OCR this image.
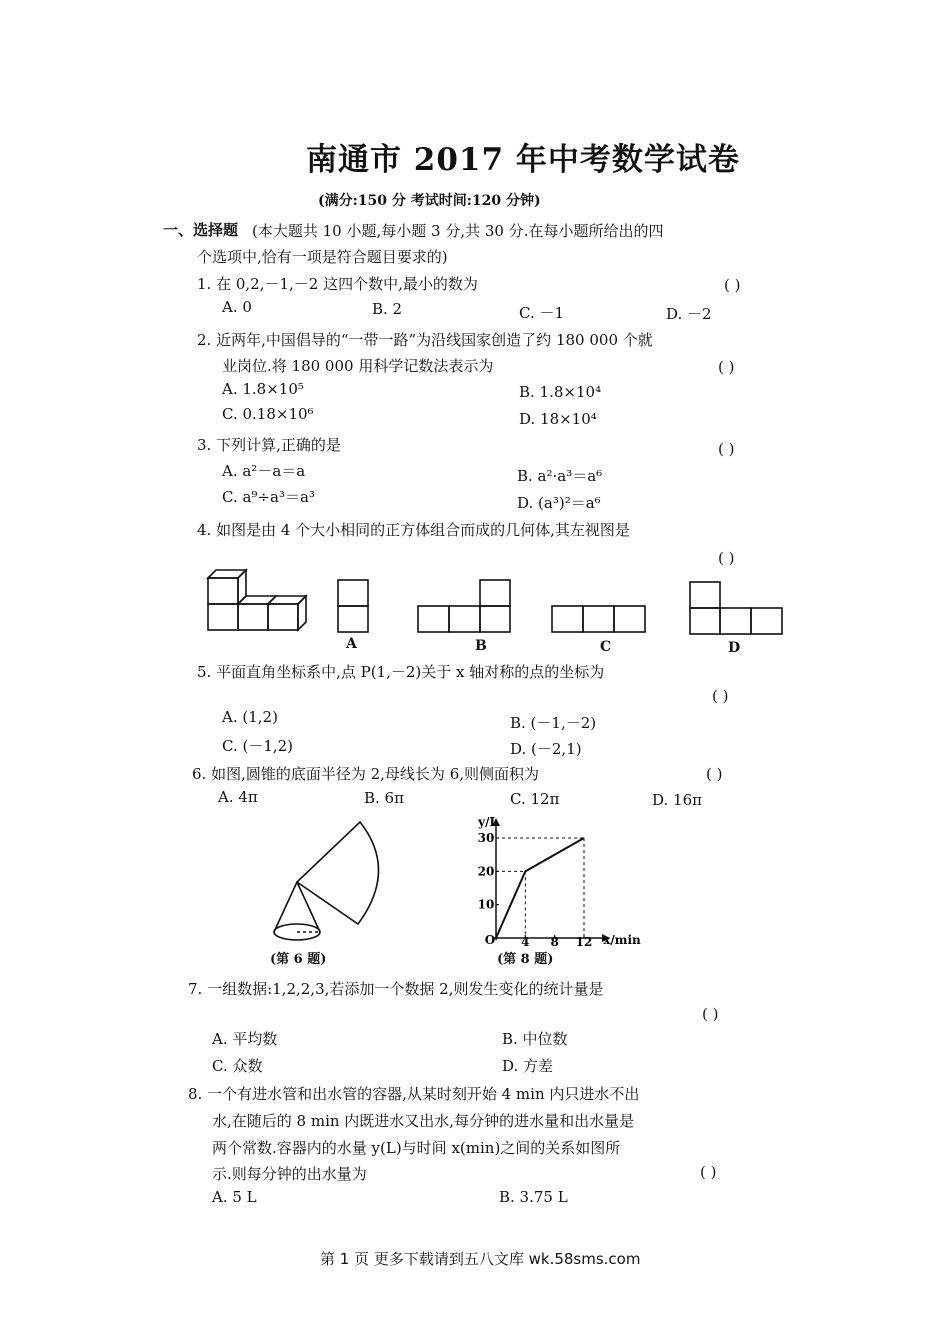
南通市 2017 年中考数学试卷
(满分:150 分 考试时间:120 分钟)
一、选择题 (本大题共 10 小题,每小题 3 分,共 30 分.在每小题所给出的四
个选项中,恰有一项是符合题目要求的)
1. 在 0,2,－1,－2 这四个数中,最小的数为	( )
A. 0	B. 2	C. －1	D. －2
2. 近两年,中国倡导的“一带一路”为沿线国家创造了约 180 000 个就
业岗位.将 180 000 用科学记数法表示为	( )
A. 1.8×10⁵	B. 1.8×10⁴
C. 0.18×10⁶	D. 18×10⁴
3. 下列计算,正确的是	( )
A. a²－a＝a	B. a²·a³＝a⁶
C. a⁹÷a³＝a³	D. (a³)²＝a⁶
4. 如图是由 4 个大小相同的正方体组合而成的几何体,其左视图是
( )
A	B	C	D
5. 平面直角坐标系中,点 P(1,－2)关于 x 轴对称的点的坐标为
( )
A. (1,2)	B. (－1,－2)
C. (－1,2)	D. (－2,1)
6. 如图,圆锥的底面半径为 2,母线长为 6,则侧面积为	( )
A. 4π	B. 6π	C. 12π	D. 16π
(第 6 题)
y/L
x/min
O
30
20
10
4 8 12
(第 8 题)
7. 一组数据:1,2,2,3,若添加一个数据 2,则发生变化的统计量是
( )
A. 平均数	B. 中位数
C. 众数	D. 方差
8. 一个有进水管和出水管的容器,从某时刻开始 4 min 内只进水不出
水,在随后的 8 min 内既进水又出水,每分钟的进水量和出水量是
两个常数.容器内的水量 y(L)与时间 x(min)之间的关系如图所
示.则每分钟的出水量为	( )
A. 5 L	B. 3.75 L
第 1 页 更多下载请到五八文库 wk.58sms.com
